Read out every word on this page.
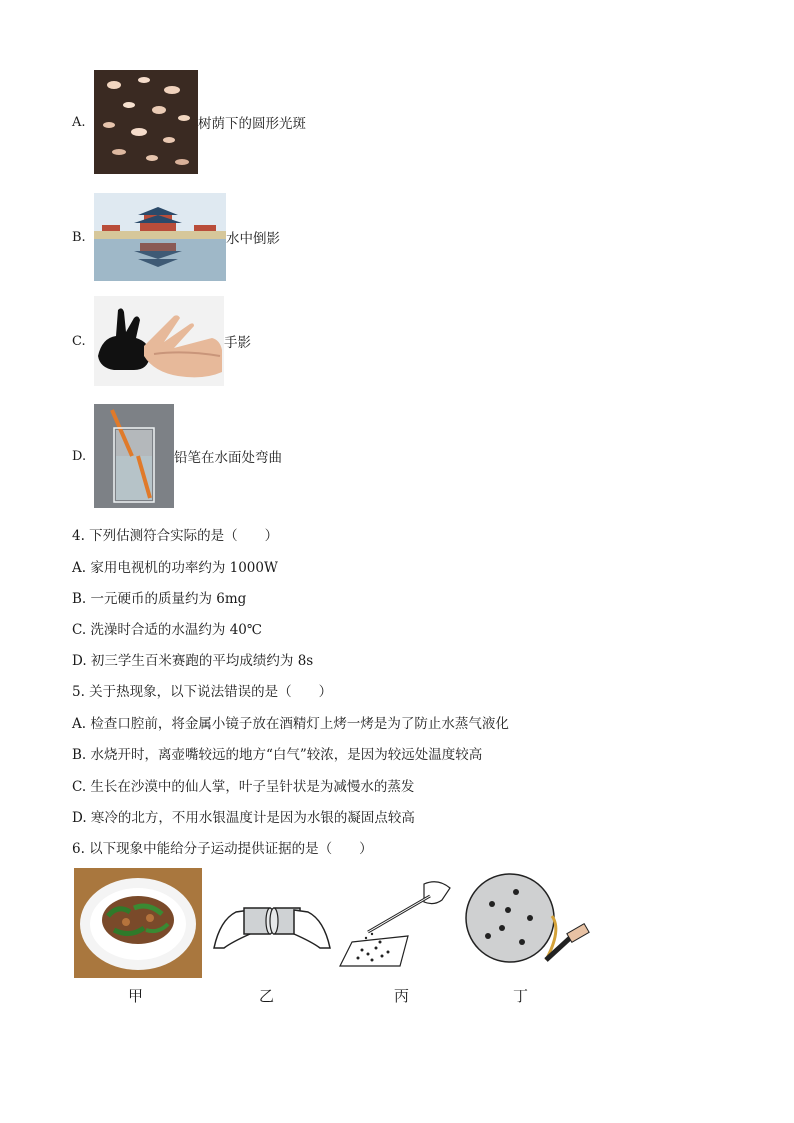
A.	树荫下的圆形光斑
B.	水中倒影
C.	手影
D.	铅笔在水面处弯曲
4. 下列估测符合实际的是（　　）
A. 家用电视机的功率约为 1000W
B. 一元硬币的质量约为 6mg
C. 洗澡时合适的水温约为 40℃
D. 初三学生百米赛跑的平均成绩约为 8s
5. 关于热现象，以下说法错误的是（　　）
A. 检查口腔前，将金属小镜子放在酒精灯上烤一烤是为了防止水蒸气液化
B. 水烧开时，离壶嘴较远的地方“白气”较浓，是因为较远处温度较高
C. 生长在沙漠中的仙人掌，叶子呈针状是为减慢水的蒸发
D. 寒冷的北方，不用水银温度计是因为水银的凝固点较高
6. 以下现象中能给分子运动提供证据的是（　　）
甲	乙	丙	丁
